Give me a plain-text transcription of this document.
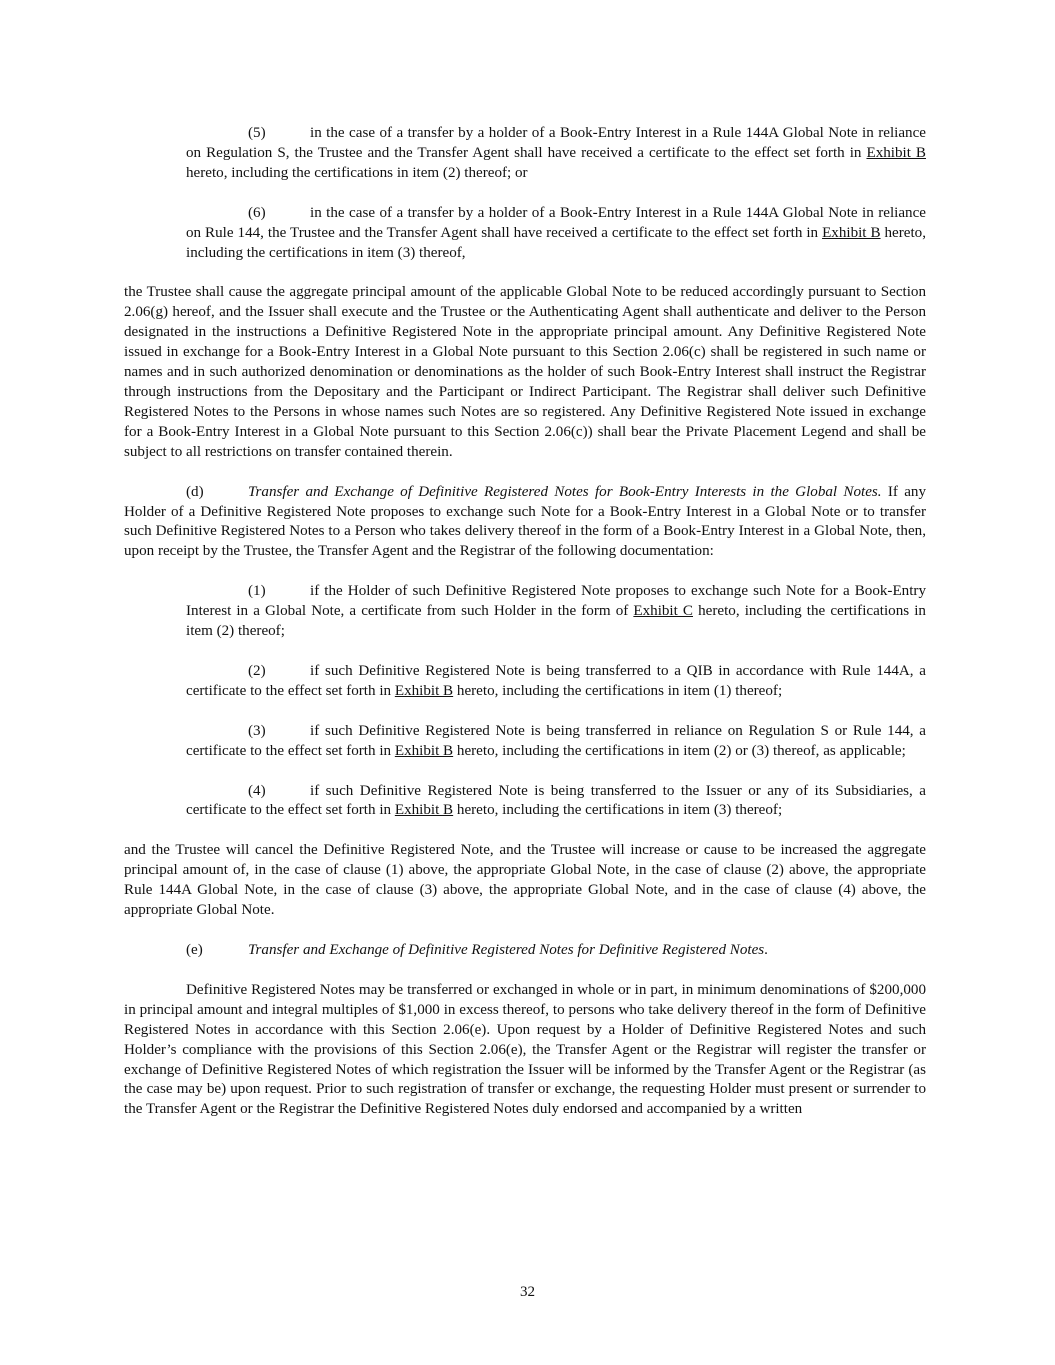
(5)	in the case of a transfer by a holder of a Book-Entry Interest in a Rule 144A Global Note in reliance on Regulation S, the Trustee and the Transfer Agent shall have received a certificate to the effect set forth in Exhibit B hereto, including the certifications in item (2) thereof; or

(6)	in the case of a transfer by a holder of a Book-Entry Interest in a Rule 144A Global Note in reliance on Rule 144, the Trustee and the Transfer Agent shall have received a certificate to the effect set forth in Exhibit B hereto, including the certifications in item (3) thereof,

the Trustee shall cause the aggregate principal amount of the applicable Global Note to be reduced accordingly pursuant to Section 2.06(g) hereof, and the Issuer shall execute and the Trustee or the Authenticating Agent shall authenticate and deliver to the Person designated in the instructions a Definitive Registered Note in the appropriate principal amount. Any Definitive Registered Note issued in exchange for a Book-Entry Interest in a Global Note pursuant to this Section 2.06(c) shall be registered in such name or names and in such authorized denomination or denominations as the holder of such Book-Entry Interest shall instruct the Registrar through instructions from the Depositary and the Participant or Indirect Participant. The Registrar shall deliver such Definitive Registered Notes to the Persons in whose names such Notes are so registered. Any Definitive Registered Note issued in exchange for a Book-Entry Interest in a Global Note pursuant to this Section 2.06(c)) shall bear the Private Placement Legend and shall be subject to all restrictions on transfer contained therein.

(d)	Transfer and Exchange of Definitive Registered Notes for Book-Entry Interests in the Global Notes. If any Holder of a Definitive Registered Note proposes to exchange such Note for a Book-Entry Interest in a Global Note or to transfer such Definitive Registered Notes to a Person who takes delivery thereof in the form of a Book-Entry Interest in a Global Note, then, upon receipt by the Trustee, the Transfer Agent and the Registrar of the following documentation:

(1)	if the Holder of such Definitive Registered Note proposes to exchange such Note for a Book-Entry Interest in a Global Note, a certificate from such Holder in the form of Exhibit C hereto, including the certifications in item (2) thereof;

(2)	if such Definitive Registered Note is being transferred to a QIB in accordance with Rule 144A, a certificate to the effect set forth in Exhibit B hereto, including the certifications in item (1) thereof;

(3)	if such Definitive Registered Note is being transferred in reliance on Regulation S or Rule 144, a certificate to the effect set forth in Exhibit B hereto, including the certifications in item (2) or (3) thereof, as applicable;

(4)	if such Definitive Registered Note is being transferred to the Issuer or any of its Subsidiaries, a certificate to the effect set forth in Exhibit B hereto, including the certifications in item (3) thereof;

and the Trustee will cancel the Definitive Registered Note, and the Trustee will increase or cause to be increased the aggregate principal amount of, in the case of clause (1) above, the appropriate Global Note, in the case of clause (2) above, the appropriate Rule 144A Global Note, in the case of clause (3) above, the appropriate Global Note, and in the case of clause (4) above, the appropriate Global Note.

(e)	Transfer and Exchange of Definitive Registered Notes for Definitive Registered Notes.

Definitive Registered Notes may be transferred or exchanged in whole or in part, in minimum denominations of $200,000 in principal amount and integral multiples of $1,000 in excess thereof, to persons who take delivery thereof in the form of Definitive Registered Notes in accordance with this Section 2.06(e). Upon request by a Holder of Definitive Registered Notes and such Holder’s compliance with the provisions of this Section 2.06(e), the Transfer Agent or the Registrar will register the transfer or exchange of Definitive Registered Notes of which registration the Issuer will be informed by the Transfer Agent or the Registrar (as the case may be) upon request. Prior to such registration of transfer or exchange, the requesting Holder must present or surrender to the Transfer Agent or the Registrar the Definitive Registered Notes duly endorsed and accompanied by a written

32
